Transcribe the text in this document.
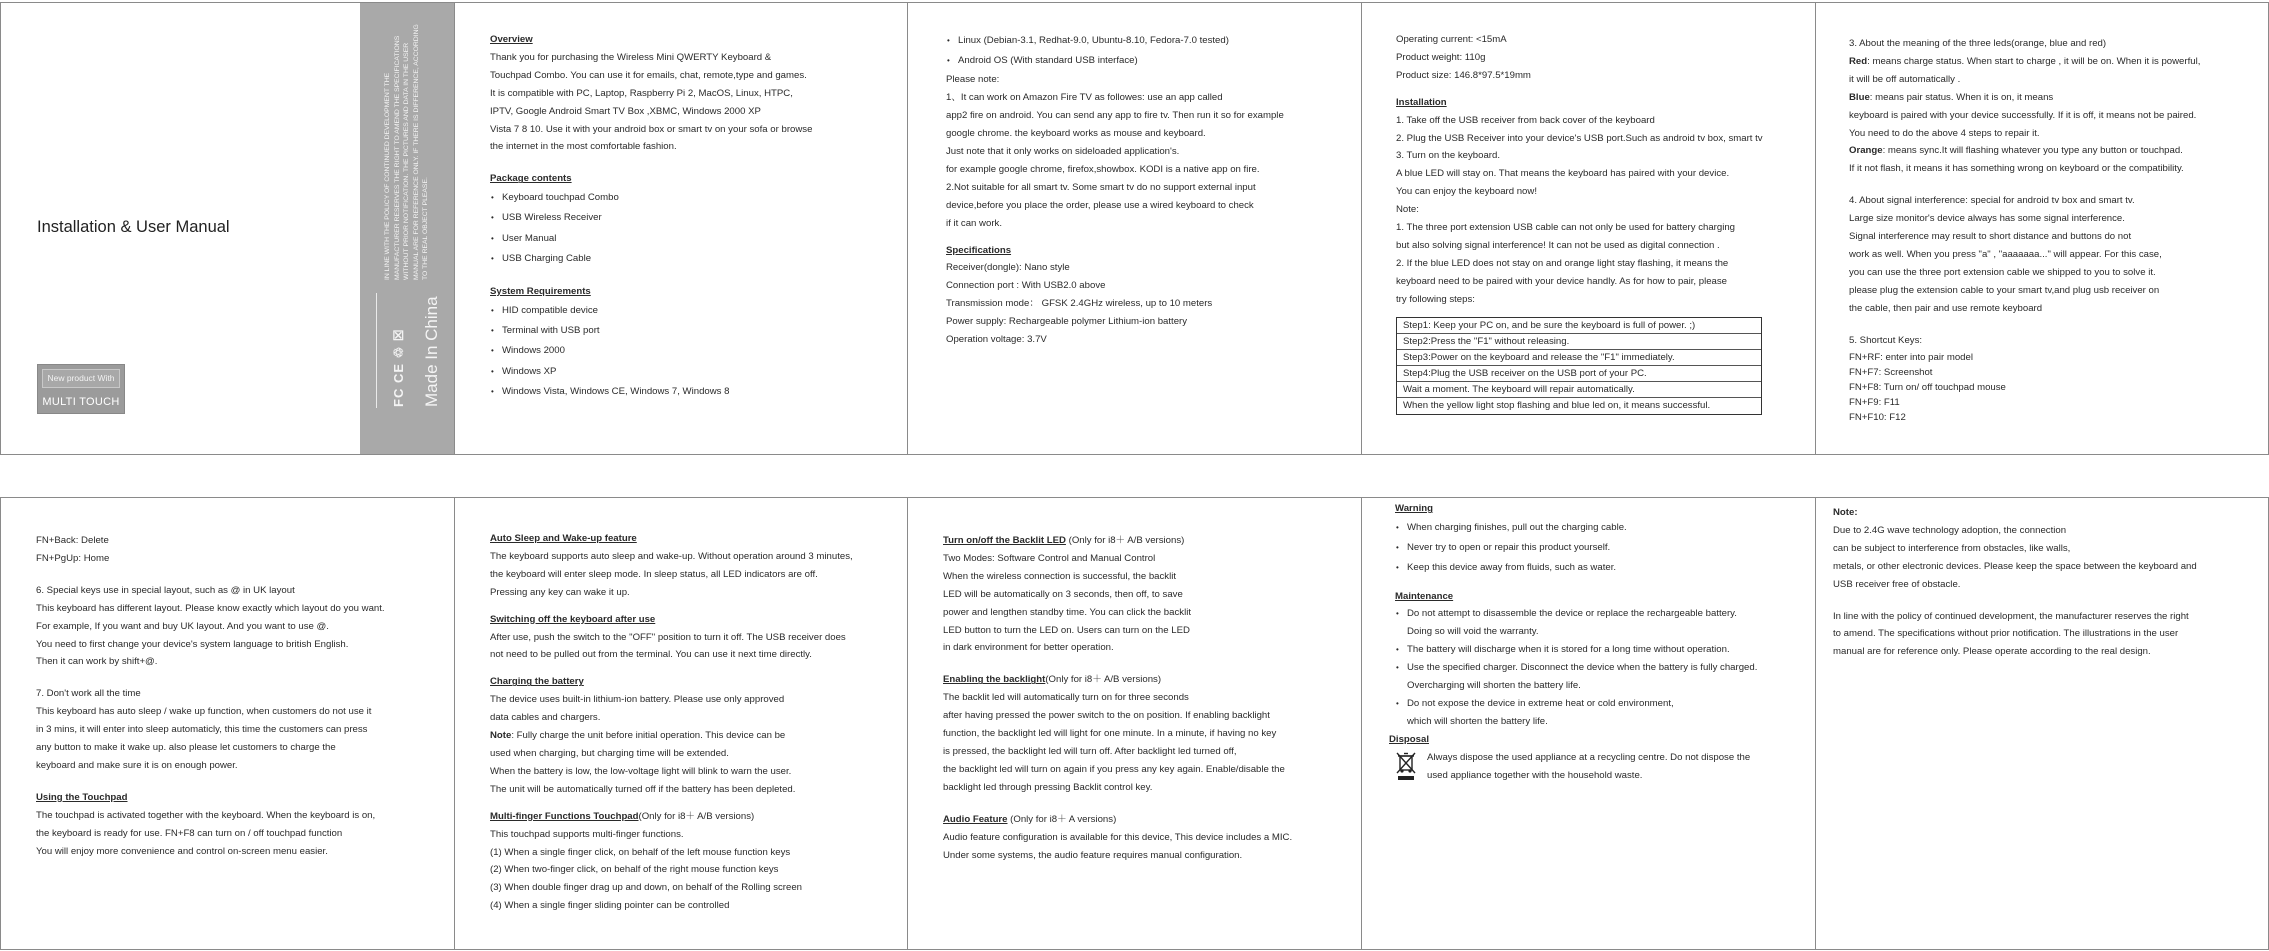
Installation & User Manual
New product With
MULTI TOUCH
IN LINE WITH THE POLICY OF CONTINUED DEVELOPMENT THE MANUFACTURER RESERVES THE RIGHT TO AMEND THE SPECIFICATIONS WITHOUT PRIOR NOTIFICATION. THE PICTURES AND DATA IN THE USER MANUAL ARE FOR REFERENCE ONLY. IF THERE IS DIFFERENCE, ACCORDING TO THE REAL OBJECT PLEASE.
FC CE ♲ ☒ Made In China
Overview
Thank you for purchasing the Wireless Mini QWERTY Keyboard &
Touchpad Combo. You can use it for emails, chat, remote,type and games.
It is compatible with PC, Laptop, Raspberry Pi 2, MacOS, Linux, HTPC,
IPTV, Google Android Smart TV Box ,XBMC, Windows 2000 XP
Vista 7 8 10. Use it with your android box or smart tv on your sofa or browse
the internet in the most comfortable fashion.
Package contents
• Keyboard touchpad Combo
• USB Wireless Receiver
• User Manual
• USB Charging Cable
System Requirements
• HID compatible device
• Terminal with USB port
• Windows 2000
• Windows XP
• Windows Vista, Windows CE, Windows 7, Windows 8
• Linux (Debian-3.1, Redhat-9.0, Ubuntu-8.10, Fedora-7.0 tested)
• Android OS (With standard USB interface)
Please note:
1、It can work on Amazon Fire TV as followes: use an app called
app2 fire on android. You can send any app to fire tv. Then run it so for example
google chrome. the keyboard works as mouse and keyboard.
Just note that it only works on sideloaded application's.
for example google chrome, firefox,showbox. KODI is a native app on fire.
2.Not suitable for all smart tv. Some smart tv do no support external input
device,before you place the order, please use a wired keyboard to check
if it can work.
Specifications
Receiver(dongle): Nano style
Connection port : With USB2.0 above
Transmission mode： GFSK 2.4GHz wireless, up to 10 meters
Power supply: Rechargeable polymer Lithium-ion battery
Operation voltage: 3.7V
Operating current: <15mA
Product weight: 110g
Product size: 146.8*97.5*19mm
Installation
1. Take off the USB receiver from back cover of the keyboard
2. Plug the USB Receiver into your device's USB port.Such as android tv box, smart tv
3. Turn on the keyboard.
A blue LED will stay on. That means the keyboard has paired with your device.
You can enjoy the keyboard now!
Note:
1. The three port extension USB cable can not only be used for battery charging
but also solving signal interference! It can not be used as digital connection .
2. If the blue LED does not stay on and orange light stay flashing, it means the
keyboard need to be paired with your device handly. As for how to pair, please
try following steps:
Step1: Keep your PC on, and be sure the keyboard is full of power. ;)
Step2:Press the "F1" without releasing.
Step3:Power on the keyboard and release the "F1" immediately.
Step4:Plug the USB receiver on the USB port of your PC.
Wait a moment. The keyboard will repair automatically.
When the yellow light stop flashing and blue led on, it means successful.
3. About the meaning of the three leds(orange, blue and red)
Red: means charge status. When start to charge , it will be on. When it is powerful,
it will be off automatically .
Blue: means pair status. When it is on, it means
keyboard is paired with your device successfully. If it is off, it means not be paired.
You need to do the above 4 steps to repair it.
Orange: means sync.It will flashing whatever you type any button or touchpad.
If it not flash, it means it has something wrong on keyboard or the compatibility.
4. About signal interference: special for android tv box and smart tv.
Large size monitor's device always has some signal interference.
Signal interference may result to short distance and buttons do not
work as well. When you press "a" , "aaaaaaa..." will appear. For this case,
you can use the three port extension cable we shipped to you to solve it.
please plug the extension cable to your smart tv,and plug usb receiver on
the cable, then pair and use remote keyboard
5. Shortcut Keys:
FN+RF: enter into pair model
FN+F7: Screenshot
FN+F8: Turn on/ off touchpad mouse
FN+F9: F11
FN+F10: F12
FN+Back: Delete
FN+PgUp: Home
6. Special keys use in special layout, such as @ in UK layout
This keyboard has different layout. Please know exactly which layout do you want.
For example, If you want and buy UK layout. And you want to use @.
You need to first change your device's system language to british English.
Then it can work by shift+@.
7. Don't work all the time
This keyboard has auto sleep / wake up function, when customers do not use it
in 3 mins, it will enter into sleep automaticly, this time the customers can press
any button to make it wake up. also please let customers to charge the
keyboard and make sure it is on enough power.
Using the Touchpad
The touchpad is activated together with the keyboard. When the keyboard is on,
the keyboard is ready for use. FN+F8 can turn on / off touchpad function
You will enjoy more convenience and control on-screen menu easier.
Auto Sleep and Wake-up feature
The keyboard supports auto sleep and wake-up. Without operation around 3 minutes,
the keyboard will enter sleep mode. In sleep status, all LED indicators are off.
Pressing any key can wake it up.
Switching off the keyboard after use
After use, push the switch to the "OFF" position to turn it off. The USB receiver does
not need to be pulled out from the terminal. You can use it next time directly.
Charging the battery
The device uses built-in lithium-ion battery. Please use only approved
data cables and chargers.
Note: Fully charge the unit before initial operation. This device can be
used when charging, but charging time will be extended.
When the battery is low, the low-voltage light will blink to warn the user.
The unit will be automatically turned off if the battery has been depleted.
Multi-finger Functions Touchpad(Only for i8＋ A/B versions)
This touchpad supports multi-finger functions.
(1) When a single finger click, on behalf of the left mouse function keys
(2) When two-finger click, on behalf of the right mouse function keys
(3) When double finger drag up and down, on behalf of the Rolling screen
(4) When a single finger sliding pointer can be controlled
Turn on/off the Backlit LED (Only for i8＋ A/B versions)
Two Modes: Software Control and Manual Control
When the wireless connection is successful, the backlit
LED will be automatically on 3 seconds, then off, to save
power and lengthen standby time. You can click the backlit
LED button to turn the LED on. Users can turn on the LED
in dark environment for better operation.
Enabling the backlight(Only for i8＋ A/B versions)
The backlit led will automatically turn on for three seconds
after having pressed the power switch to the on position. If enabling backlight
function, the backlight led will light for one minute. In a minute, if having no key
is pressed, the backlight led will turn off. After backlight led turned off,
the backlight led will turn on again if you press any key again. Enable/disable the
backlight led through pressing Backlit control key.
Audio Feature (Only for i8＋ A versions)
Audio feature configuration is available for this device, This device includes a MIC.
Under some systems, the audio feature requires manual configuration.
Warning
• When charging finishes, pull out the charging cable.
• Never try to open or repair this product yourself.
• Keep this device away from fluids, such as water.
Maintenance
• Do not attempt to disassemble the device or replace the rechargeable battery.
Doing so will void the warranty.
• The battery will discharge when it is stored for a long time without operation.
• Use the specified charger. Disconnect the device when the battery is fully charged.
Overcharging will shorten the battery life.
• Do not expose the device in extreme heat or cold environment,
which will shorten the battery life.
Disposal
Always dispose the used appliance at a recycling centre. Do not dispose the
used appliance together with the household waste.
Note:
Due to 2.4G wave technology adoption, the connection
can be subject to interference from obstacles, like walls,
metals, or other electronic devices. Please keep the space between the keyboard and
USB receiver free of obstacle.
In line with the policy of continued development, the manufacturer reserves the right
to amend. The specifications without prior notification. The illustrations in the user
manual are for reference only. Please operate according to the real design.
